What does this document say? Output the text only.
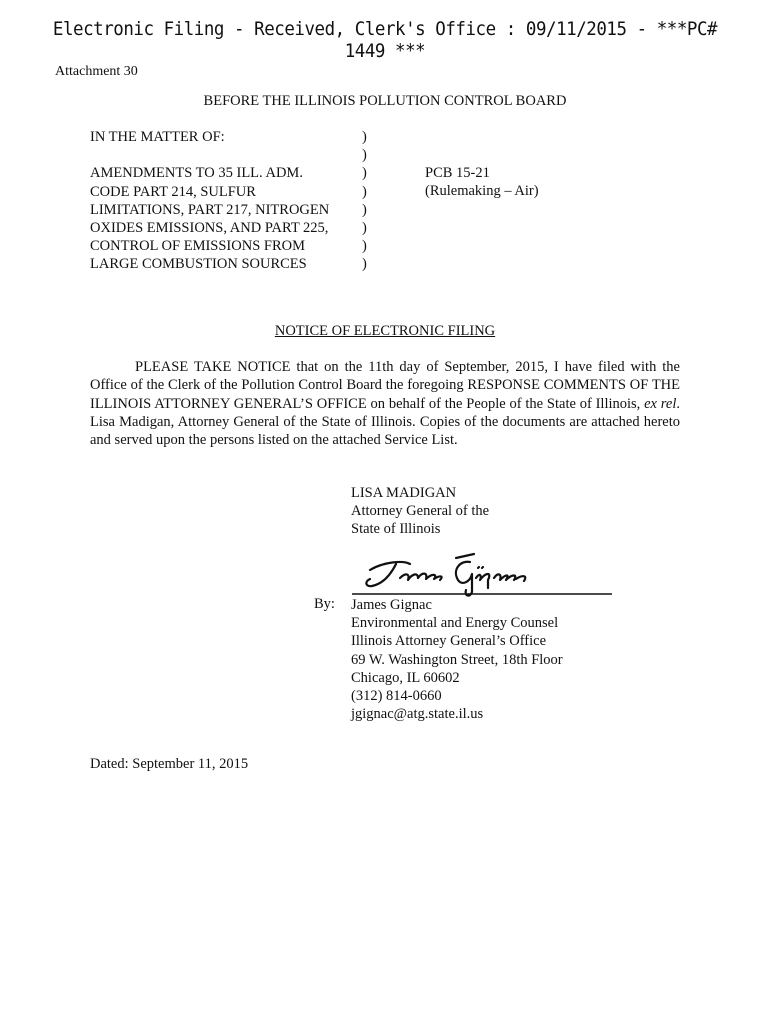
Electronic Filing - Received, Clerk's Office : 09/11/2015 - ***PC# 1449 ***
Attachment 30
BEFORE THE ILLINOIS POLLUTION CONTROL BOARD
IN THE MATTER OF:

AMENDMENTS TO 35 ILL. ADM.
CODE PART 214, SULFUR
LIMITATIONS, PART 217, NITROGEN
OXIDES EMISSIONS, AND PART 225,
CONTROL OF EMISSIONS FROM
LARGE COMBUSTION SOURCES
)
)
)
)
)
)
)
)
PCB 15-21
(Rulemaking – Air)
NOTICE OF ELECTRONIC FILING
PLEASE TAKE NOTICE that on the 11th day of September, 2015, I have filed with the Office of the Clerk of the Pollution Control Board the foregoing RESPONSE COMMENTS OF THE ILLINOIS ATTORNEY GENERAL’S OFFICE on behalf of the People of the State of Illinois, ex rel. Lisa Madigan, Attorney General of the State of Illinois. Copies of the documents are attached hereto and served upon the persons listed on the attached Service List.
LISA MADIGAN
Attorney General of the
State of Illinois
By: James Gignac
Environmental and Energy Counsel
Illinois Attorney General’s Office
69 W. Washington Street, 18th Floor
Chicago, IL 60602
(312) 814-0660
jgignac@atg.state.il.us
Dated: September 11, 2015
